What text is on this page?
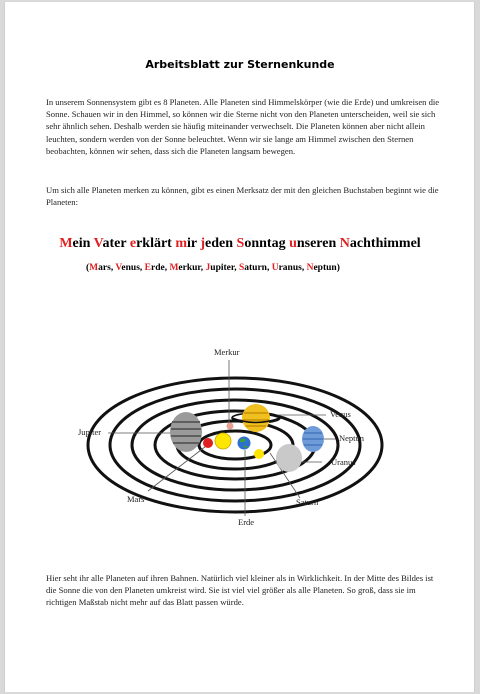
Arbeitsblatt zur Sternenkunde

In unserem Sonnensystem gibt es 8 Planeten. Alle Planeten sind Himmelskörper (wie die Erde) und umkreisen die Sonne. Schauen wir in den Himmel, so können wir die Sterne nicht von den Planeten unterscheiden, weil sie sich sehr ähnlich sehen. Deshalb werden sie häufig miteinander verwechselt. Die Planeten können aber nicht allein leuchten, sondern werden von der Sonne beleuchtet. Wenn wir sie lange am Himmel zwischen den Sternen beobachten, können wir sehen, dass sich die Planeten langsam bewegen.

Um sich alle Planeten merken zu können, gibt es einen Merksatz der mit den gleichen Buchstaben beginnt wie die Planeten:

Mein Vater erklärt mir jeden Sonntag unseren Nachthimmel
(Mars, Venus, Erde, Merkur, Jupiter, Saturn, Uranus, Neptun)
Merkur
Venus
Neptun
Jupiter
Uranus
Mars	Saturn
Erde

Hier seht ihr alle Planeten auf ihren Bahnen. Natürlich viel kleiner als in Wirklichkeit. In der Mitte des Bildes ist die Sonne die von den Planeten umkreist wird. Sie ist viel viel größer als alle Planeten. So groß, dass sie im richtigen Maßstab nicht mehr auf das Blatt passen würde.
